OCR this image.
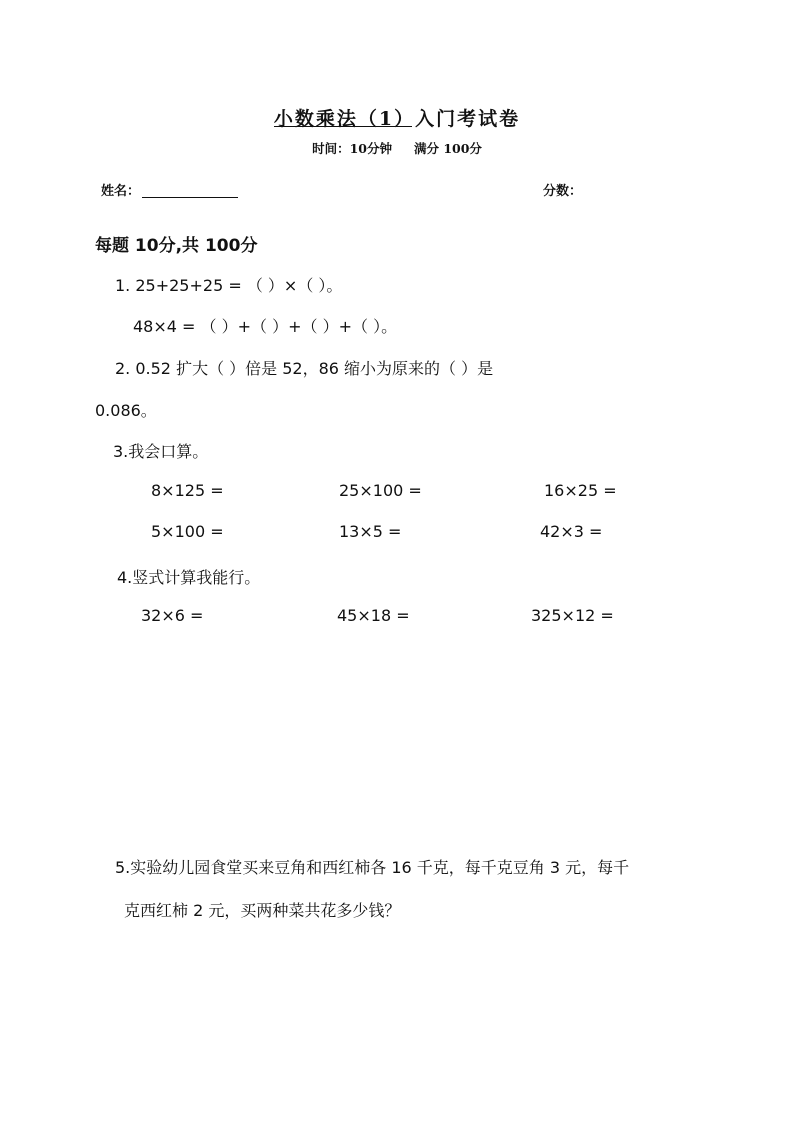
小数乘法（1）入门考试卷
时间：10分钟 满分 100分
姓名：	分数：
每题 10分,共 100分
1. 25+25+25 = （ ）×（ ）。
48×4 = （ ）+（ ）+（ ）+（ ）。
2. 0.52 扩大（ ）倍是 52，86 缩小为原来的（ ）是
0.086。
3.我会口算。
8×125 =	25×100 =	16×25 =
5×100 =	13×5 =	42×3 =
4.竖式计算我能行。
32×6 =	45×18 =	325×12 =
5.实验幼儿园食堂买来豆角和西红柿各 16 千克，每千克豆角 3 元，每千
克西红柿 2 元，买两种菜共花多少钱？
